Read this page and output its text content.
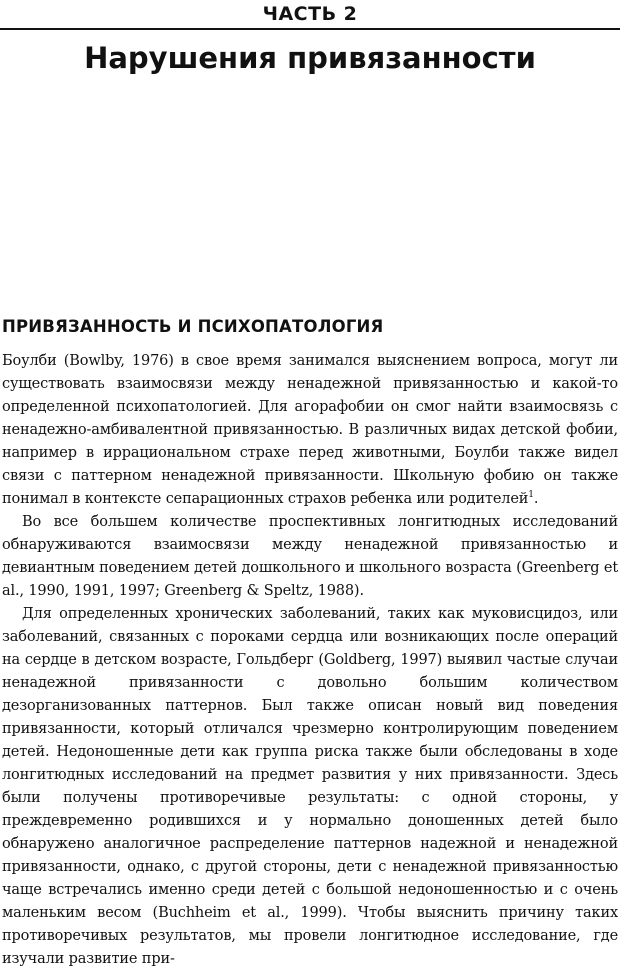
ЧАСТЬ 2
Нарушения привязанности
ПРИВЯЗАННОСТЬ И ПСИХОПАТОЛОГИЯ

Боулби (Bowlby, 1976) в свое время занимался выяснением вопроса, могут ли существовать взаимосвязи между ненадежной привязанностью и какой-то определенной психопатологией. Для агорафобии он смог найти взаимосвязь с ненадежно-амбивалентной привязанностью. В различных видах детской фобии, например в иррациональном страхе перед животными, Боулби также видел связи с паттерном ненадежной привязанности. Школьную фобию он также понимал в контексте сепарационных страхов ребенка или родителей$^1$.

Во все большем количестве проспективных лонгитюдных исследований обнаруживаются взаимосвязи между ненадежной привязанностью и девиантным поведением детей дошкольного и школьного возраста (Greenberg et al., 1990, 1991, 1997; Greenberg & Speltz, 1988).

Для определенных хронических заболеваний, таких как муковисцидоз, или заболеваний, связанных с пороками сердца или возникающих после операций на сердце в детском возрасте, Гольдберг (Goldberg, 1997) выявил частые случаи ненадежной привязанности с довольно большим количеством дезорганизованных паттернов. Был также описан новый вид поведения привязанности, который отличался чрезмерно контролирующим поведением детей. Недоношенные дети как группа риска также были обследованы в ходе лонгитюдных исследований на предмет развития у них привязанности. Здесь были получены противоречивые результаты: с одной стороны, у преждевременно родившихся и у нормально доношенных детей было обнаружено аналогичное распределение паттернов надежной и ненадежной привязанности, однако, с другой стороны, дети с ненадежной привязанностью чаще встречались именно среди детей с большой недоношенностью и с очень маленьким весом (Buchheim et al., 1999). Чтобы выяснить причину таких противоречивых результатов, мы провели лонгитюдное исследование, где изучали развитие при-
